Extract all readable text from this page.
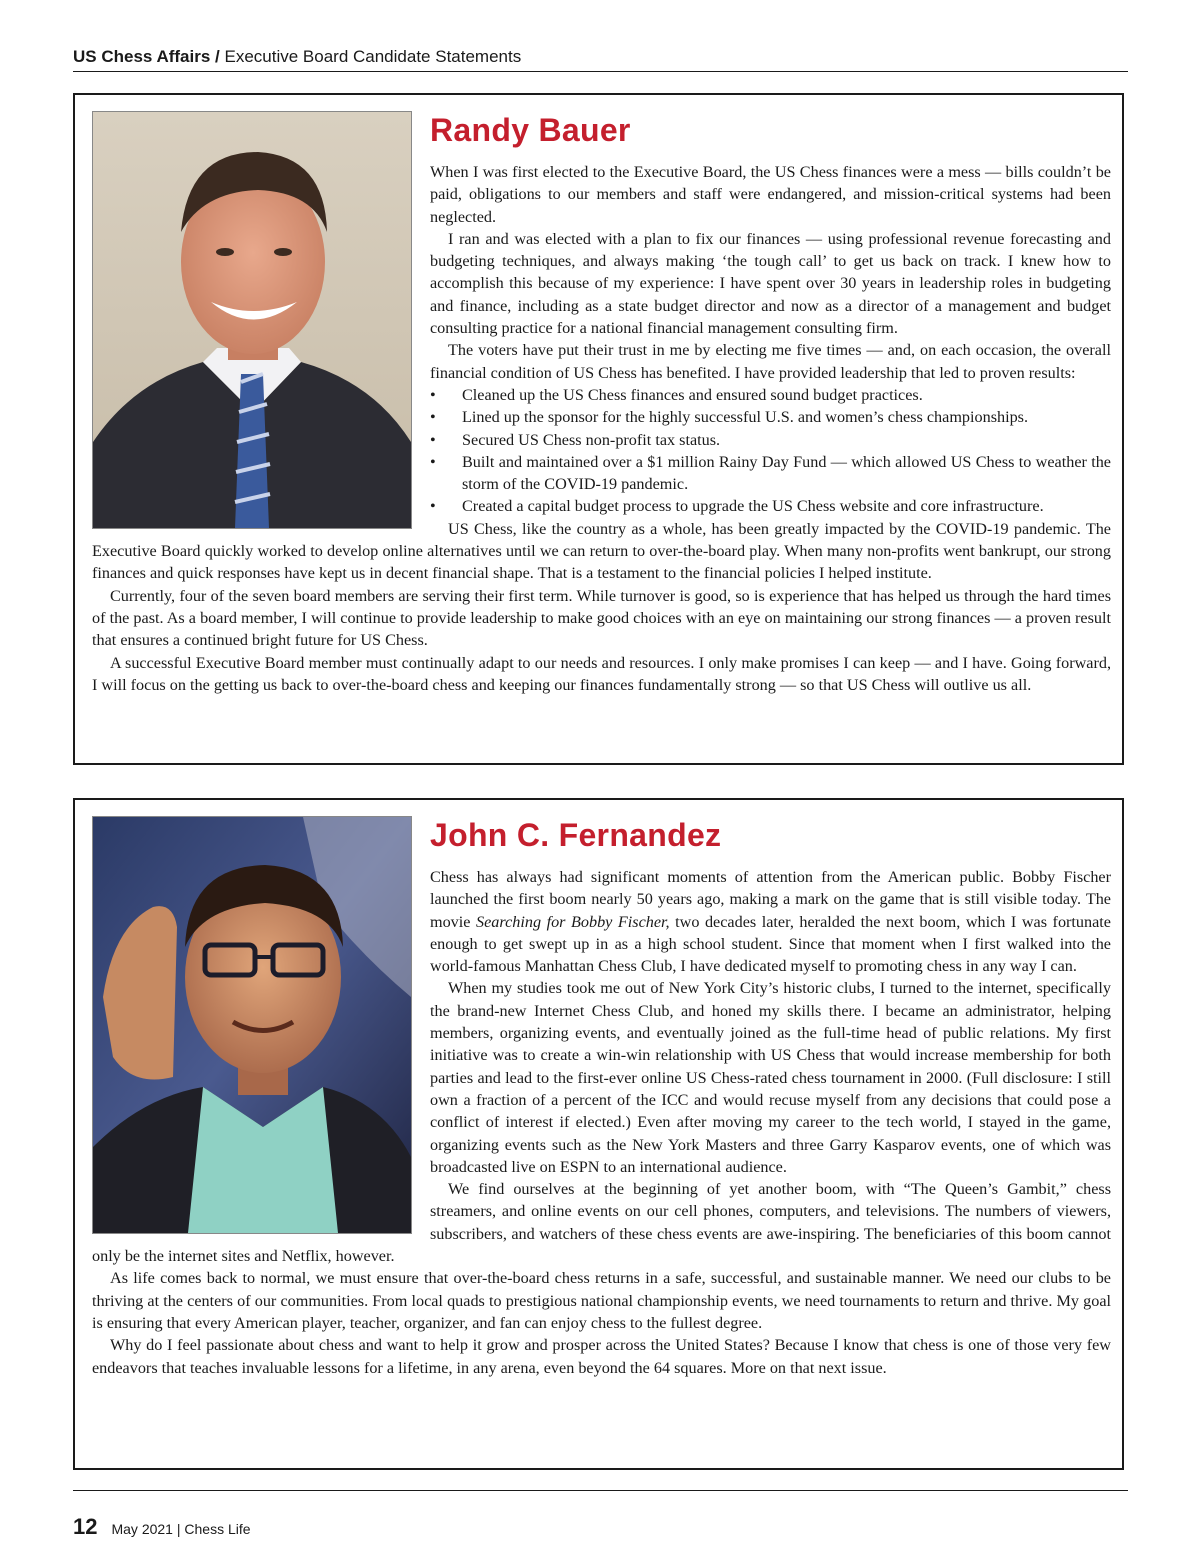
US Chess Affairs / Executive Board Candidate Statements
Randy Bauer

When I was first elected to the Executive Board, the US Chess finances were a mess — bills couldn’t be paid, obligations to our members and staff were endangered, and mission-critical systems had been neglected.

I ran and was elected with a plan to fix our finances — using professional revenue forecasting and budgeting techniques, and always making ‘the tough call’ to get us back on track. I knew how to accomplish this because of my experience: I have spent over 30 years in leadership roles in budgeting and finance, including as a state budget director and now as a director of a management and budget consulting practice for a national financial management consulting firm.

The voters have put their trust in me by electing me five times — and, on each occasion, the overall financial condition of US Chess has benefited. I have provided leadership that led to proven results:

• Cleaned up the US Chess finances and ensured sound budget practices.
• Lined up the sponsor for the highly successful U.S. and women’s chess championships.
• Secured US Chess non-profit tax status.
• Built and maintained over a $1 million Rainy Day Fund — which allowed US Chess to weather the storm of the COVID-19 pandemic.
• Created a capital budget process to upgrade the US Chess website and core infrastructure.

US Chess, like the country as a whole, has been greatly impacted by the COVID-19 pandemic. The Executive Board quickly worked to develop online alternatives until we can return to over-the-board play. When many non-profits went bankrupt, our strong finances and quick responses have kept us in decent financial shape. That is a testament to the financial policies I helped institute.

Currently, four of the seven board members are serving their first term. While turnover is good, so is experience that has helped us through the hard times of the past. As a board member, I will continue to provide leadership to make good choices with an eye on maintaining our strong finances — a proven result that ensures a continued bright future for US Chess.

A successful Executive Board member must continually adapt to our needs and resources. I only make promises I can keep — and I have. Going forward, I will focus on the getting us back to over-the-board chess and keeping our finances fundamentally strong — so that US Chess will outlive us all.

John C. Fernandez

Chess has always had significant moments of attention from the American public. Bobby Fischer launched the first boom nearly 50 years ago, making a mark on the game that is still visible today. The movie Searching for Bobby Fischer, two decades later, heralded the next boom, which I was fortunate enough to get swept up in as a high school student. Since that moment when I first walked into the world-famous Manhattan Chess Club, I have dedicated myself to promoting chess in any way I can.

When my studies took me out of New York City’s historic clubs, I turned to the internet, specifically the brand-new Internet Chess Club, and honed my skills there. I became an administrator, helping members, organizing events, and eventually joined as the full-time head of public relations. My first initiative was to create a win-win relationship with US Chess that would increase membership for both parties and lead to the first-ever online US Chess-rated chess tournament in 2000. (Full disclosure: I still own a fraction of a percent of the ICC and would recuse myself from any decisions that could pose a conflict of interest if elected.) Even after moving my career to the tech world, I stayed in the game, organizing events such as the New York Masters and three Garry Kasparov events, one of which was broadcasted live on ESPN to an international audience.

We find ourselves at the beginning of yet another boom, with “The Queen’s Gambit,” chess streamers, and online events on our cell phones, computers, and televisions. The numbers of viewers, subscribers, and watchers of these chess events are awe-inspiring. The beneficiaries of this boom cannot only be the internet sites and Netflix, however.

As life comes back to normal, we must ensure that over-the-board chess returns in a safe, successful, and sustainable manner. We need our clubs to be thriving at the centers of our communities. From local quads to prestigious national championship events, we need tournaments to return and thrive. My goal is ensuring that every American player, teacher, organizer, and fan can enjoy chess to the fullest degree.

Why do I feel passionate about chess and want to help it grow and prosper across the United States? Because I know that chess is one of those very few endeavors that teaches invaluable lessons for a lifetime, in any arena, even beyond the 64 squares. More on that next issue.

12 May 2021 | Chess Life
